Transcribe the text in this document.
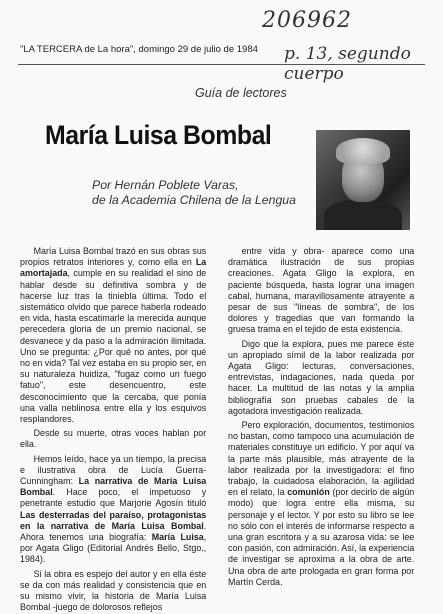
206962
p. 13, segundo cuerpo
"LA TERCERA de La hora", domingo 29 de julio de 1984
Guía de lectores
María Luisa Bombal
Por Hernán Poblete Varas,
de la Academia Chilena de la Lengua

María Luisa Bombal trazó en sus obras sus propios retratos interiores y, como ella en La amortajada, cumple en su realidad el sino de hablar desde su definitiva sombra y de hacerse luz tras la tiniebla última. Todo el sistemático olvido que parece haberla rodeado en vida, hasta escatimarle la merecida aunque perecedera gloria de un premio nacional, se desvanece y da paso a la admiración ilimitada. Uno se pregunta: ¿Por qué no antes, por qué no en vida? Tal vez estaba en su propio ser, en su naturaleza huidiza, "fugaz como un fuego fatuo", este desencuentro, este desconocimiento que la cercaba, que ponía una valla neblinosa entre ella y los esquivos resplandores.

Desde su muerte, otras voces hablan por ella.

Hemos leído, hace ya un tiempo, la precisa e ilustrativa obra de Lucía Guerra-Cunningham: La narrativa de María Luisa Bombal. Hace poco, el impetuoso y penetrante estudio que Marjorie Agosín tituló Las desterradas del paraíso, protagonistas en la narrativa de María Luisa Bombal. Ahora tenemos una biografía: María Luisa, por Agata Gligo (Editorial Andrés Bello, Stgo., 1984).

Si la obra es espejo del autor y en ella éste se da con más realidad y consistencia que en su mismo vivir, la historia de María Luisa Bombal -juego de dolorosos reflejos

entre vida y obra- aparece como una dramática ilustración de sus propias creaciones. Agata Gligo la explora, en paciente búsqueda, hasta lograr una imagen cabal, humana, maravillosamente atrayente a pesar de sus "líneas de sombra", de los dolores y tragedias que van formando la gruesa trama en el tejido de esta existencia.

Digo que la explora, pues me parece éste un apropiado símil de la labor realizada por Agata Gligo: lecturas, conversaciones, entrevistas, indagaciones, nada queda por hacer. La multitud de las notas y la amplia bibliografía son pruebas cabales de la agotadora investigación realizada.

Pero exploración, documentos, testimonios no bastan, como tampoco una acumulación de materiales constituye un edificio. Y por aquí va la parte más plausible, más atrayente de la labor realizada por la investigadora: el fino trabajo, la cuidadosa elaboración, la agilidad en el relato, la comunión (por decirlo de algún modo) que logra entre ella misma, su personaje y el lector. Y por esto su libro se lee no sólo con el interés de informarse respecto a una gran escritora y a su azarosa vida: se lee con pasión, con admiración. Así, la experiencia de investigar se aproxima a la obra de arte. Una obra de arte prologada en gran forma por Martín Cerda.
